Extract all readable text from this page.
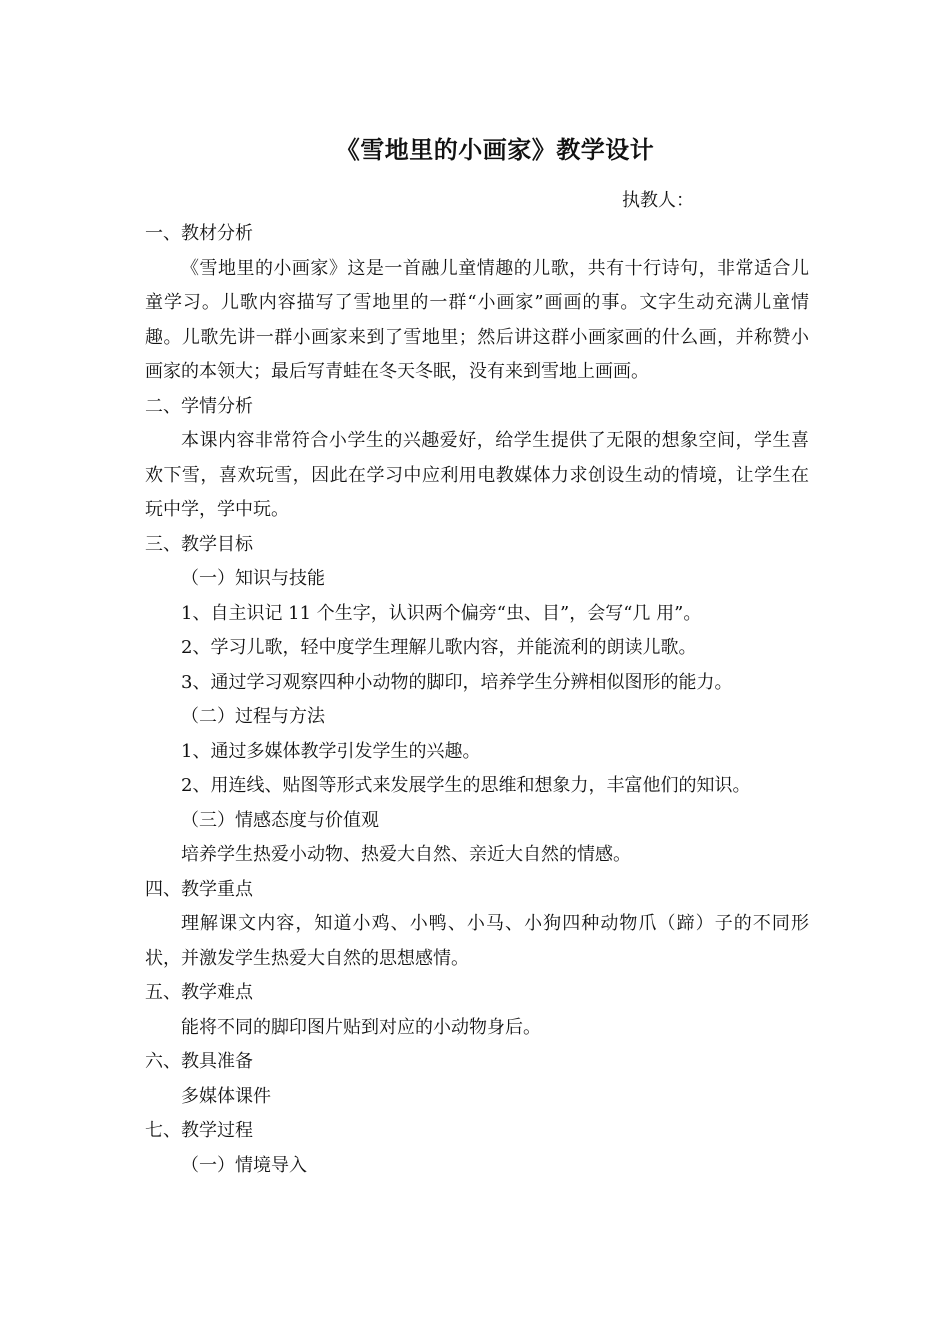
《雪地里的小画家》教学设计
执教人：

一、教材分析

《雪地里的小画家》这是一首融儿童情趣的儿歌，共有十行诗句，非常适合儿童学习。儿歌内容描写了雪地里的一群“小画家”画画的事。文字生动充满儿童情趣。儿歌先讲一群小画家来到了雪地里；然后讲这群小画家画的什么画，并称赞小画家的本领大；最后写青蛙在冬天冬眠，没有来到雪地上画画。

二、学情分析

本课内容非常符合小学生的兴趣爱好，给学生提供了无限的想象空间，学生喜欢下雪，喜欢玩雪，因此在学习中应利用电教媒体力求创设生动的情境，让学生在玩中学，学中玩。

三、教学目标

（一）知识与技能

1、自主识记 11 个生字，认识两个偏旁“虫、目”，会写“几 用”。

2、学习儿歌，轻中度学生理解儿歌内容，并能流利的朗读儿歌。

3、通过学习观察四种小动物的脚印，培养学生分辨相似图形的能力。

（二）过程与方法

1、通过多媒体教学引发学生的兴趣。

2、用连线、贴图等形式来发展学生的思维和想象力，丰富他们的知识。

（三）情感态度与价值观

培养学生热爱小动物、热爱大自然、亲近大自然的情感。

四、教学重点

理解课文内容，知道小鸡、小鸭、小马、小狗四种动物爪（蹄）子的不同形状，并激发学生热爱大自然的思想感情。

五、教学难点

能将不同的脚印图片贴到对应的小动物身后。

六、教具准备

多媒体课件

七、教学过程

（一）情境导入
